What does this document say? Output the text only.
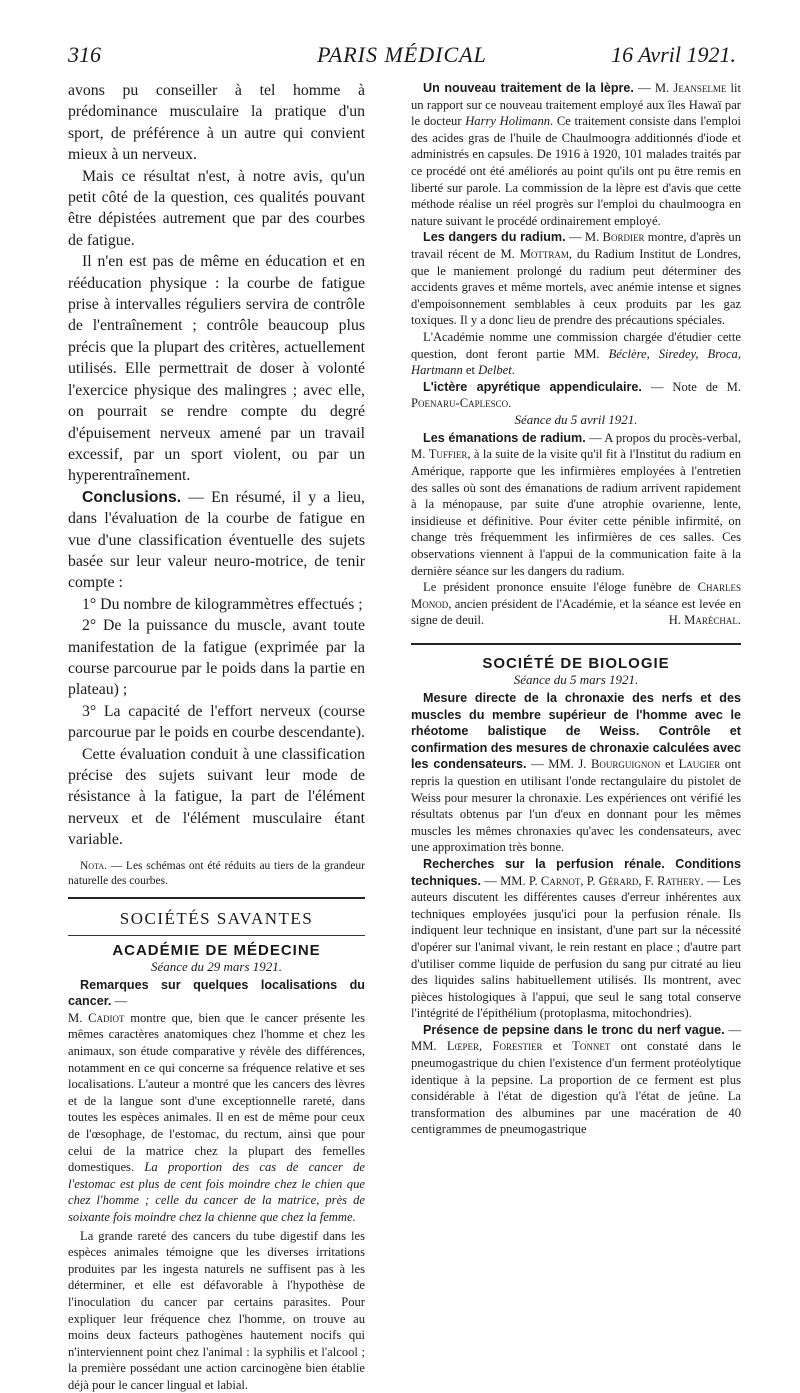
316	PARIS MÉDICAL	16 Avril 1921.

avons pu conseiller à tel homme à prédominance musculaire la pratique d'un sport, de préférence à un autre qui convient mieux à un nerveux.

Mais ce résultat n'est, à notre avis, qu'un petit côté de la question, ces qualités pouvant être dépistées autrement que par des courbes de fatigue.

Il n'en est pas de même en éducation et en rééducation physique : la courbe de fatigue prise à intervalles réguliers servira de contrôle de l'entraînement ; contrôle beaucoup plus précis que la plupart des critères, actuellement utilisés. Elle permettrait de doser à volonté l'exercice physique des malingres ; avec elle, on pourrait se rendre compte du degré d'épuisement nerveux amené par un travail excessif, par un sport violent, ou par un hyperentraînement.

Conclusions. — En résumé, il y a lieu, dans l'évaluation de la courbe de fatigue en vue d'une classification éventuelle des sujets basée sur leur valeur neuro-motrice, de tenir compte :

1° Du nombre de kilogrammètres effectués ;

2° De la puissance du muscle, avant toute manifestation de la fatigue (exprimée par la course parcourue par le poids dans la partie en plateau) ;

3° La capacité de l'effort nerveux (course parcourue par le poids en courbe descendante).

Cette évaluation conduit à une classification précise des sujets suivant leur mode de résistance à la fatigue, la part de l'élément nerveux et de l'élément musculaire étant variable.

Nota. — Les schémas ont été réduits au tiers de la grandeur naturelle des courbes.

SOCIÉTÉS SAVANTES
ACADÉMIE DE MÉDECINE
Séance du 29 mars 1921.

Remarques sur quelques localisations du cancer. —

M. Cadiot montre que, bien que le cancer présente les mêmes caractères anatomiques chez l'homme et chez les animaux, son étude comparative y révèle des différences, notamment en ce qui concerne sa fréquence relative et ses localisations. L'auteur a montré que les cancers des lèvres et de la langue sont d'une exceptionnelle rareté, dans toutes les espèces animales. Il en est de même pour ceux de l'œsophage, de l'estomac, du rectum, ainsi que pour celui de la matrice chez la plupart des femelles domestiques. La proportion des cas de cancer de l'estomac est plus de cent fois moindre chez le chien que chez l'homme ; celle du cancer de la matrice, près de soixante fois moindre chez la chienne que chez la femme.

La grande rareté des cancers du tube digestif dans les espèces animales témoigne que les diverses irritations produites par les ingesta naturels ne suffisent pas à les déterminer, et elle est défavorable à l'hypothèse de l'inoculation du cancer par certains parasites. Pour expliquer leur fréquence chez l'homme, on trouve au moins deux facteurs pathogènes hautement nocifs qui n'interviennent point chez l'animal : la syphilis et l'alcool ; la première possédant une action carcinogène bien établie déjà pour le cancer lingual et labial.

Un nouveau traitement de la lèpre. — M. Jeanselme lit un rapport sur ce nouveau traitement employé aux îles Hawaï par le docteur Harry Holimann. Ce traitement consiste dans l'emploi des acides gras de l'huile de Chaulmoogra additionnés d'iode et administrés en capsules. De 1916 à 1920, 101 malades traités par ce procédé ont été améliorés au point qu'ils ont pu être remis en liberté sur parole. La commission de la lèpre est d'avis que cette méthode réalise un réel progrès sur l'emploi du chaulmoogra en nature suivant le procédé ordinairement employé.

Les dangers du radium. — M. Bordier montre, d'après un travail récent de M. Mottram, du Radium Institut de Londres, que le maniement prolongé du radium peut déterminer des accidents graves et même mortels, avec anémie intense et signes d'empoisonnement semblables à ceux produits par les gaz toxiques. Il y a donc lieu de prendre des précautions spéciales.

L'Académie nomme une commission chargée d'étudier cette question, dont feront partie MM. Béclère, Siredey, Broca, Hartmann et Delbet.

L'ictère apyrétique appendiculaire. — Note de M. Poenaru-Caplesco.

Séance du 5 avril 1921.

Les émanations de radium. — A propos du procès-verbal, M. Tuffier, à la suite de la visite qu'il fit à l'Institut du radium en Amérique, rapporte que les infirmières employées à l'entretien des salles où sont des émanations de radium arrivent rapidement à la ménopause, par suite d'une atrophie ovarienne, lente, insidieuse et définitive. Pour éviter cette pénible infirmité, on change très fréquemment les infirmières de ces salles. Ces observations viennent à l'appui de la communication faite à la dernière séance sur les dangers du radium.

Le président prononce ensuite l'éloge funèbre de Charles Monod, ancien président de l'Académie, et la séance est levée en signe de deuil.	H. Maréchal.

SOCIÉTÉ DE BIOLOGIE
Séance du 5 mars 1921.

Mesure directe de la chronaxie des nerfs et des muscles du membre supérieur de l'homme avec le rhéotome balistique de Weiss. Contrôle et confirmation des mesures de chronaxie calculées avec les condensateurs. — MM. J. Bourguignon et Laugier ont repris la question en utilisant l'onde rectangulaire du pistolet de Weiss pour mesurer la chronaxie. Les expériences ont vérifié les résultats obtenus par l'un d'eux en donnant pour les mêmes muscles les mêmes chronaxies qu'avec les condensateurs, avec une approximation très bonne.

Recherches sur la perfusion rénale. Conditions techniques. — MM. P. Carnot, P. Gérard, F. Rathery. — Les auteurs discutent les différentes causes d'erreur inhérentes aux techniques employées jusqu'ici pour la perfusion rénale. Ils indiquent leur technique en insistant, d'une part sur la nécessité d'opérer sur l'animal vivant, le rein restant en place ; d'autre part d'utiliser comme liquide de perfusion du sang pur citraté au lieu des liquides salins habituellement utilisés. Ils montrent, avec pièces histologiques à l'appui, que seul le sang total conserve l'intégrité de l'épithélium (protoplasma, mitochondries).

Présence de pepsine dans le tronc du nerf vague. — MM. Lœper, Forestier et Tonnet ont constaté dans le pneumogastrique du chien l'existence d'un ferment protéolytique identique à la pepsine. La proportion de ce ferment est plus considérable à l'état de digestion qu'à l'état de jeûne. La transformation des albumines par une macération de 40 centigrammes de pneumogastrique
